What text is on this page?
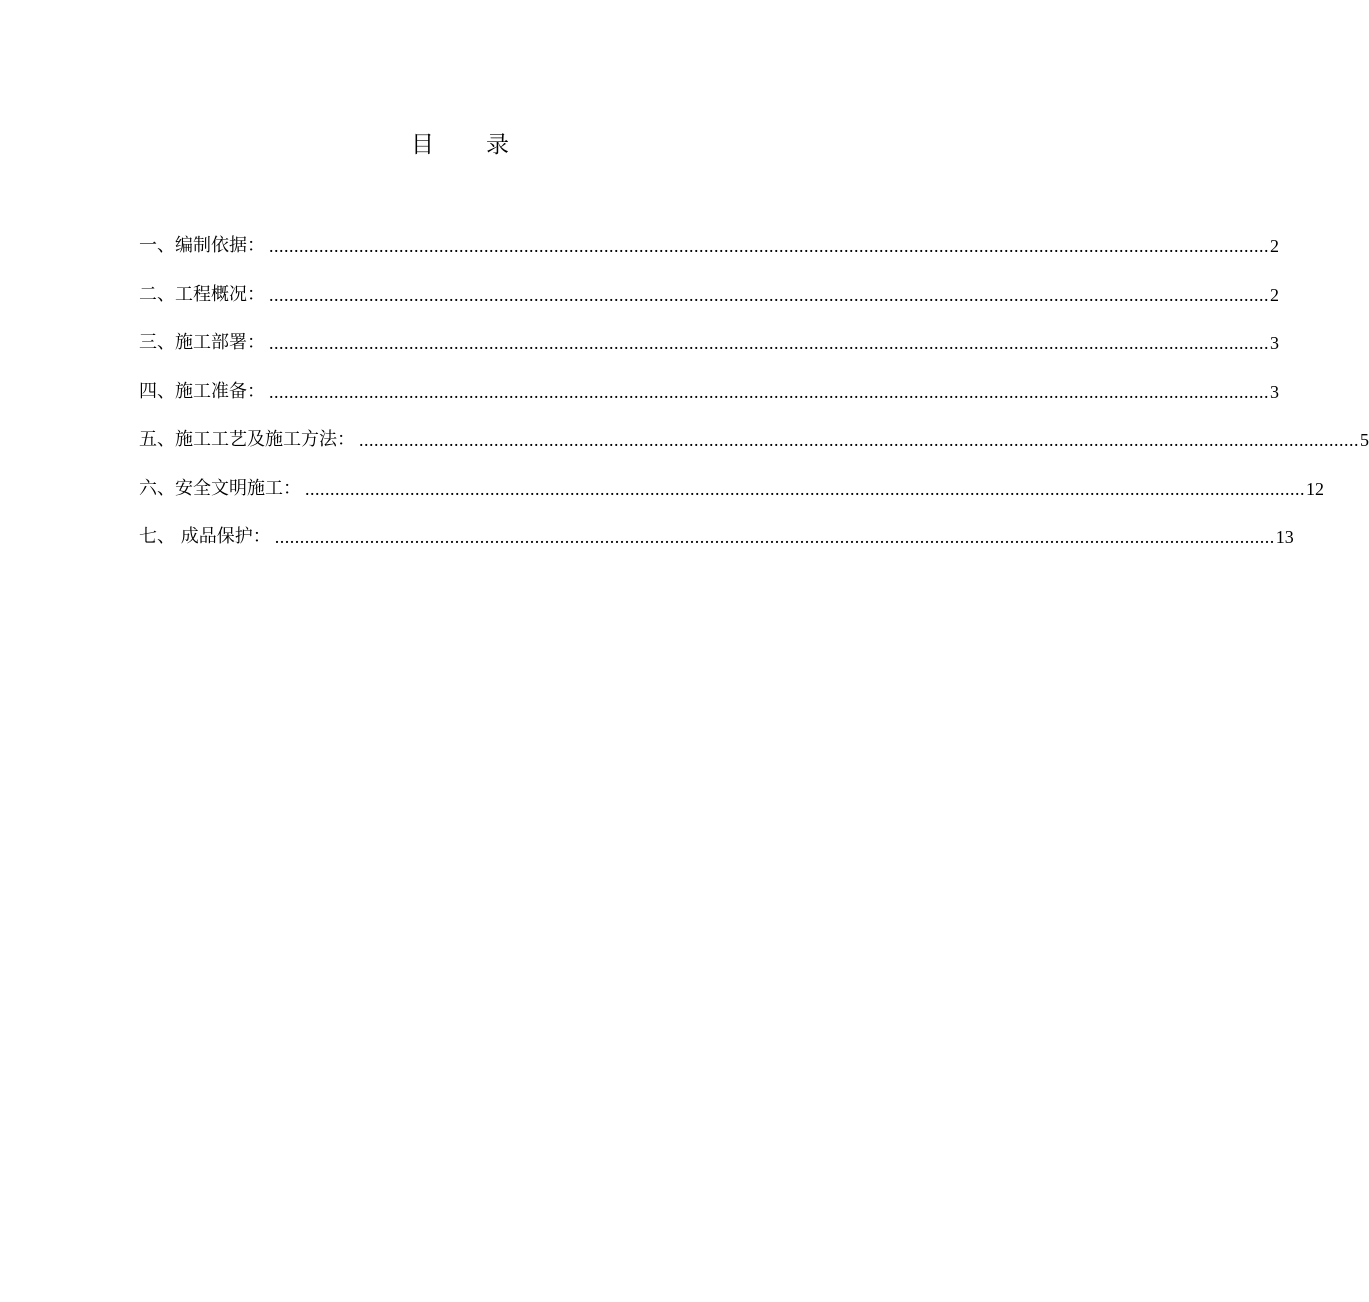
目 录
一、 编制依据： ........................................................................................................................................................................................................ 2
二、 工程概况： ........................................................................................................................................................................................................ 2
三、 施工部署： ........................................................................................................................................................................................................ 3
四、 施工准备： ........................................................................................................................................................................................................ 3
五、 施工工艺及施工方法： ........................................................................................................................................................................................................ 5
六、 安全文明施工： ........................................................................................................................................................................................................ 12
七、 成品保护： ........................................................................................................................................................................................................ 13
